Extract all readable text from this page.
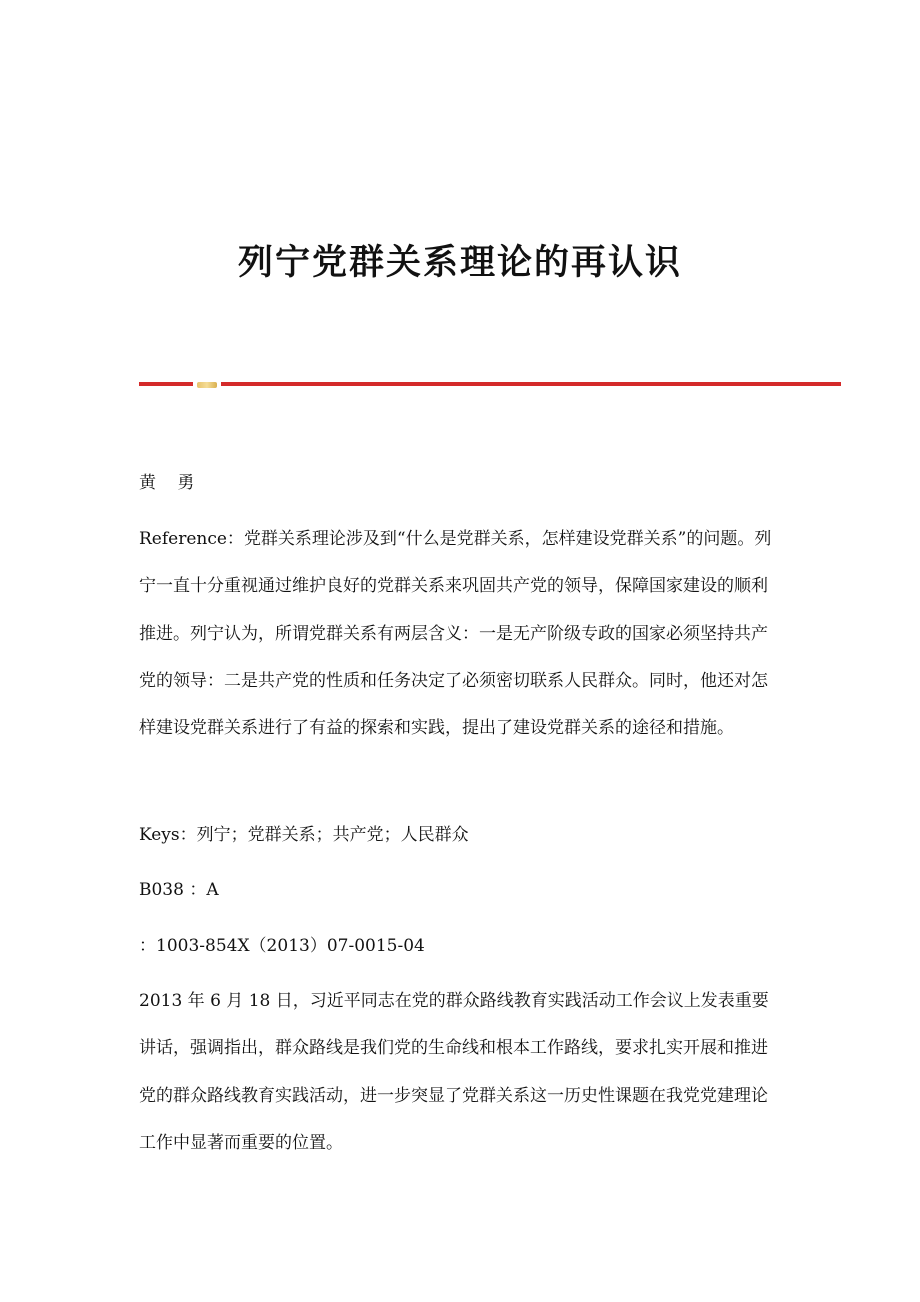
列宁党群关系理论的再认识

黄 勇

Reference：党群关系理论涉及到“什么是党群关系，怎样建设党群关系”的问题。列宁一直十分重视通过维护良好的党群关系来巩固共产党的领导，保障国家建设的顺利推进。列宁认为，所谓党群关系有两层含义：一是无产阶级专政的国家必须坚持共产党的领导：二是共产党的性质和任务决定了必须密切联系人民群众。同时，他还对怎样建设党群关系进行了有益的探索和实践，提出了建设党群关系的途径和措施。

Keys：列宁；党群关系；共产党；人民群众

B038 ：A

：1003-854X（2013）07-0015-04

2013 年 6 月 18 日，习近平同志在党的群众路线教育实践活动工作会议上发表重要讲话，强调指出，群众路线是我们党的生命线和根本工作路线，要求扎实开展和推进党的群众路线教育实践活动，进一步突显了党群关系这一历史性课题在我党党建理论工作中显著而重要的位置。
